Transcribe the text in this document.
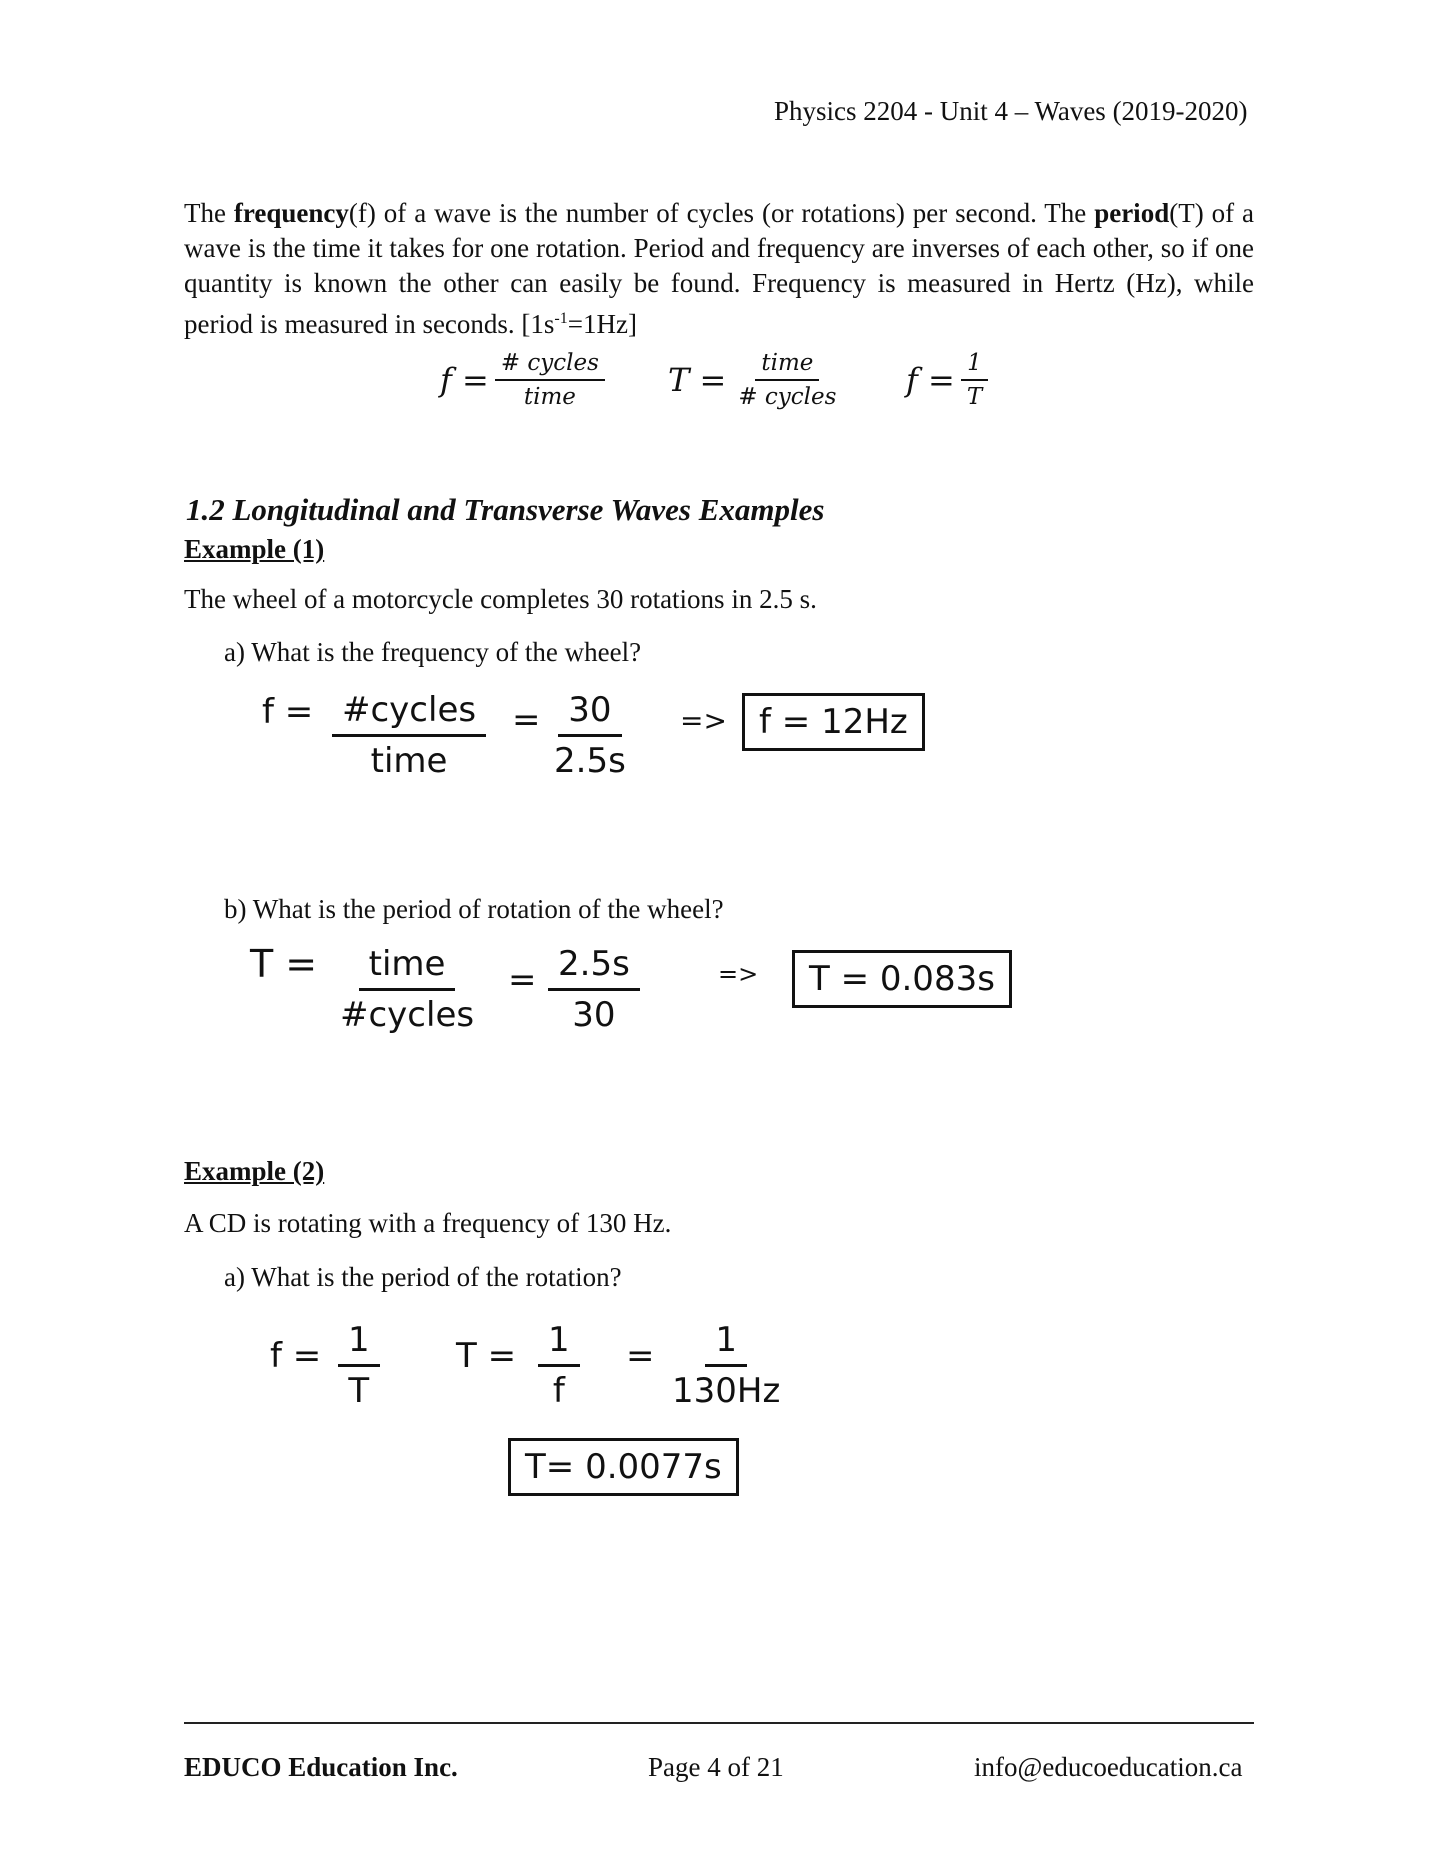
Physics 2204 - Unit 4 – Waves (2019-2020)
The frequency(f) of a wave is the number of cycles (or rotations) per second. The period(T) of a wave is the time it takes for one rotation. Period and frequency are inverses of each other, so if one quantity is known the other can easily be found. Frequency is measured in Hertz (Hz), while period is measured in seconds. $[1s^{-1}=1Hz]$
$f = \frac{\text{\# cycles}}{\text{time}}$ $T = \frac{\text{time}}{\text{\# cycles}}$ $f = \frac{1}{T}$
1.2 Longitudinal and Transverse Waves Examples
Example (1)
The wheel of a motorcycle completes 30 rotations in 2.5 s.
a) What is the frequency of the wheel?
f = #cycles
time
= $\frac{30}{2.5s} => f = 12Hz$
b) What is the period of rotation of the wheel?
T = time
#cycles
= $\frac{2.5s}{30}$	=>	T = 0.083s
Example (2)
A CD is rotating with a frequency of 130 Hz.
a) What is the period of the rotation?
$f = \frac{1}{T}$ $T = \frac{1}{f} = \frac{1}{130Hz}$
T= 0.0077s
EDUCO Education Inc.	Page 4 of 21	info@educoeducation.ca
